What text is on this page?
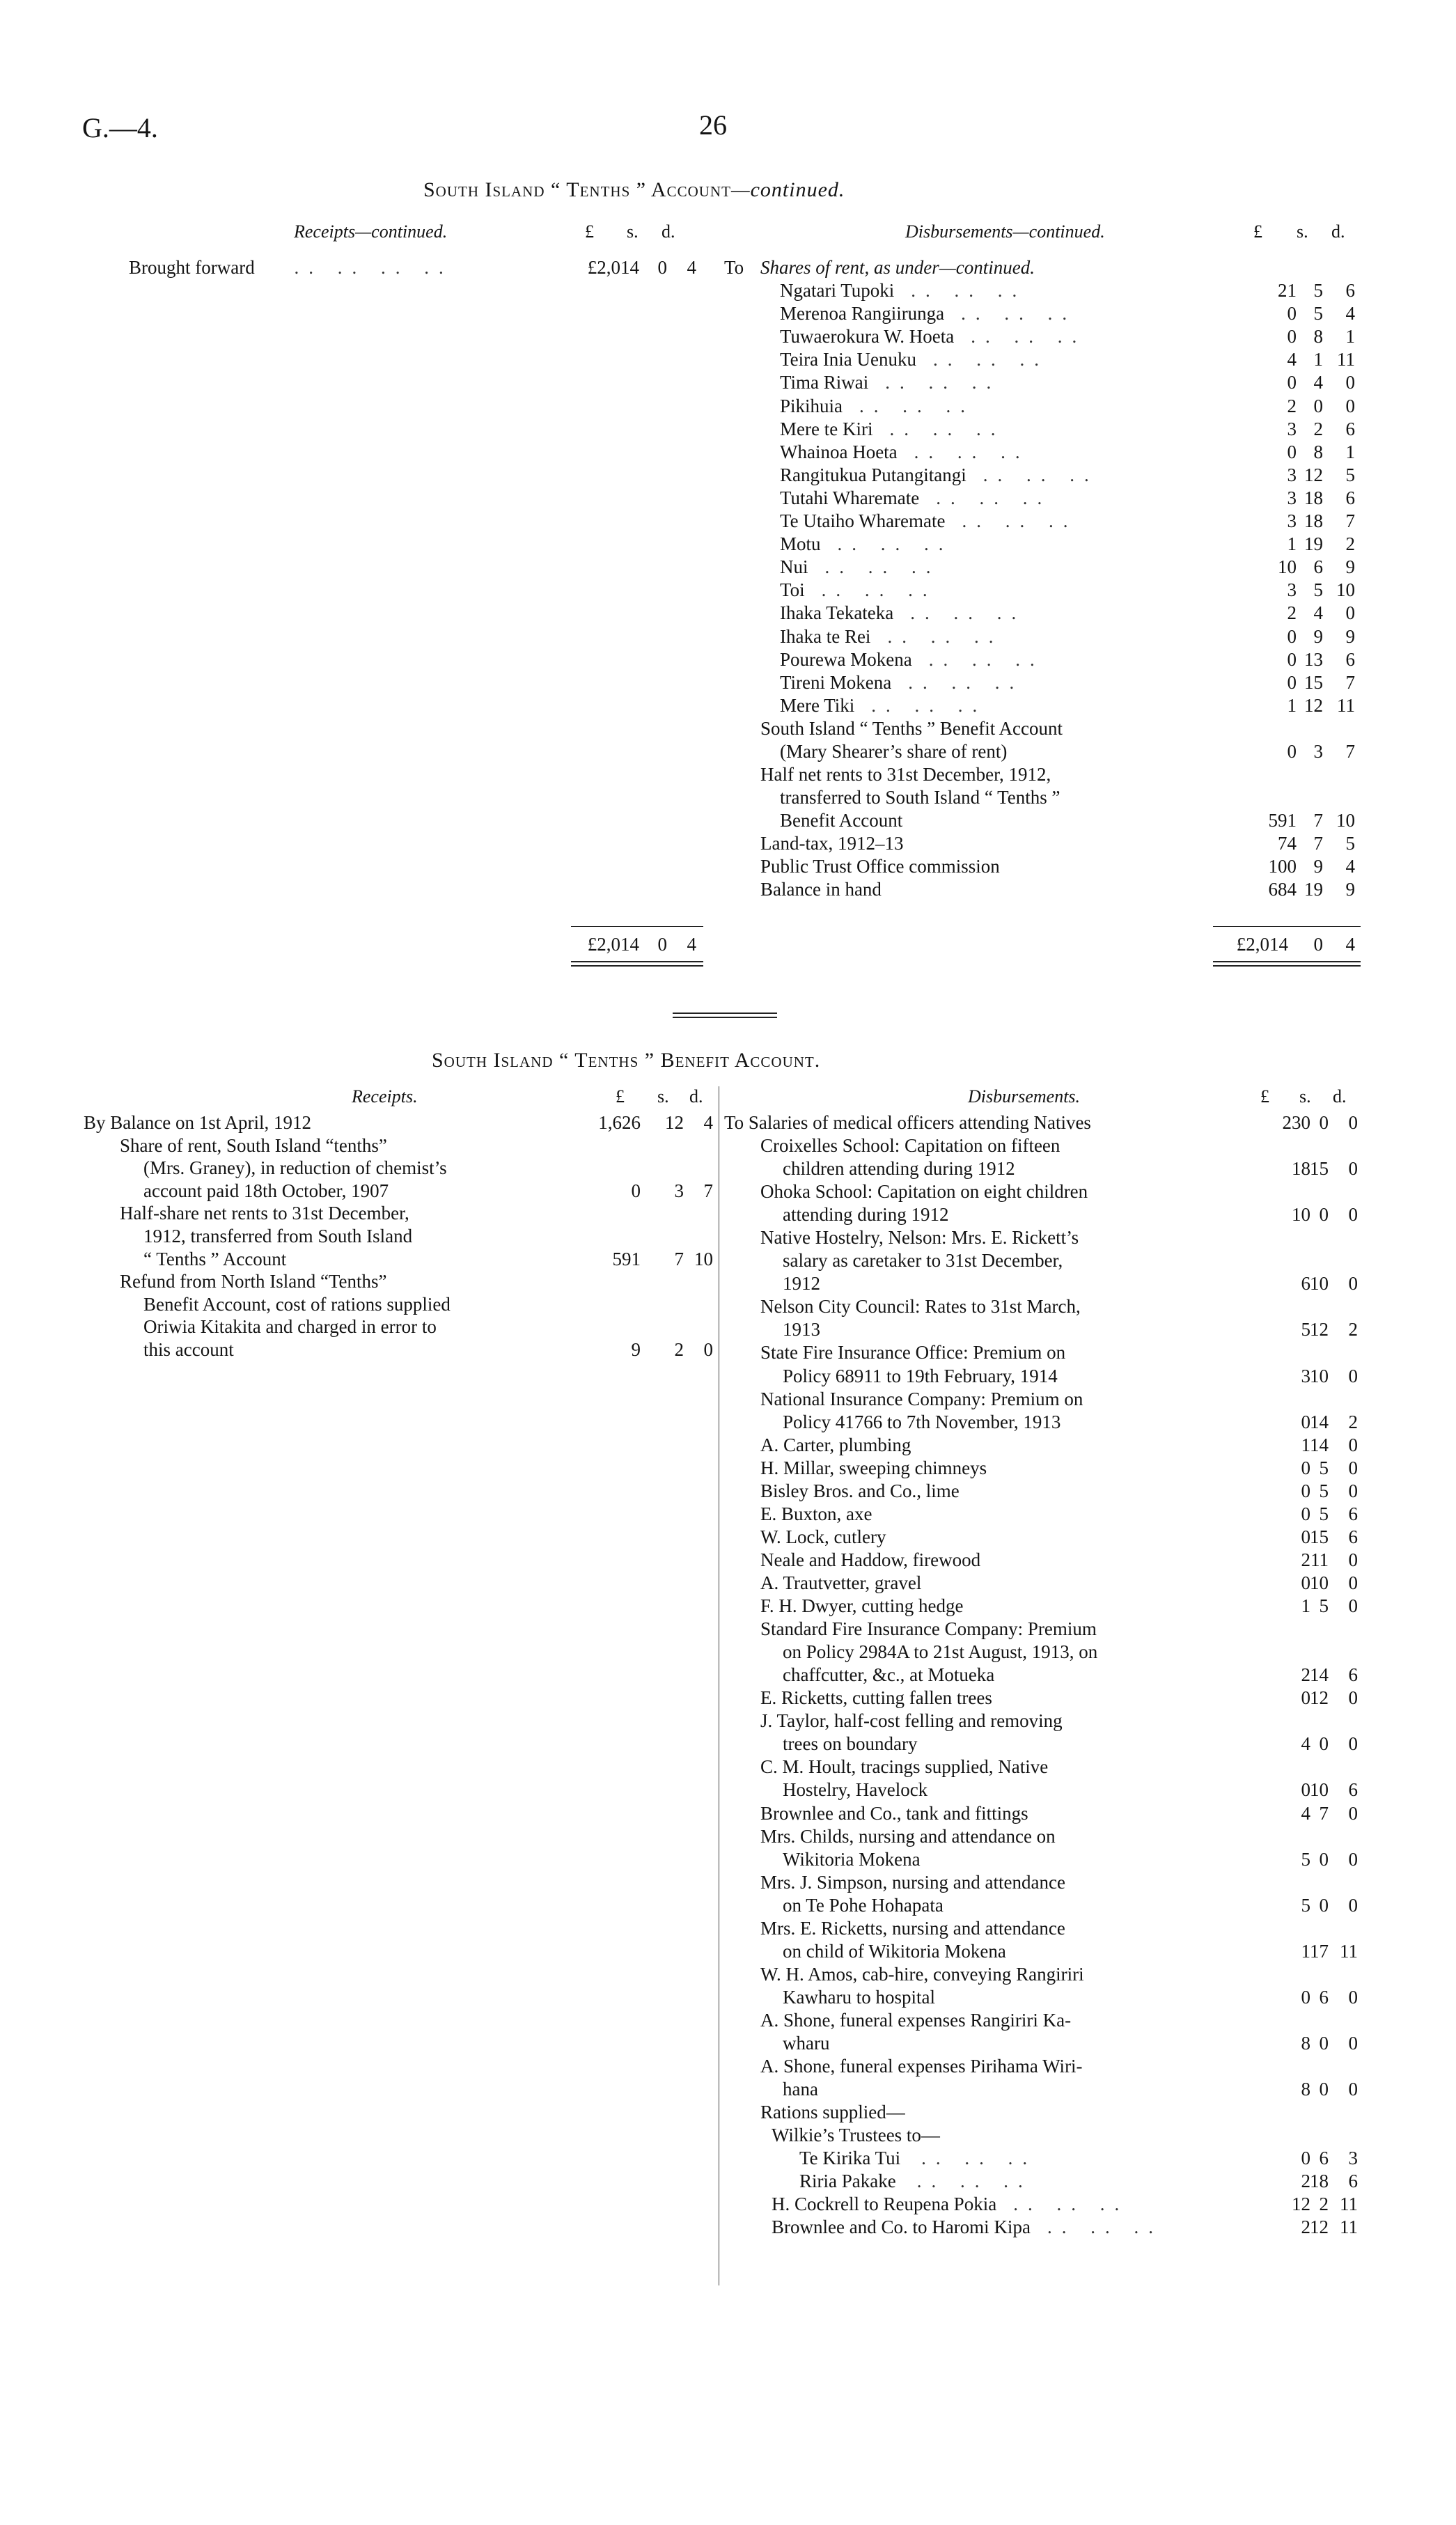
G.—4.	26
South Island “ Tenths ” Account—continued.
Receipts—continued.	£ s. d.	Disbursements—continued.	£ s. d.
Brought forward .. .. .. ..	£2,014 0	4 To Shares of rent, as under—continued.
Ngatari Tupoki .. .. ..	21 5	6
Merenoa Rangiirunga .. .. ..	0 5	4
Tuwaerokura W. Hoeta .. .. ..	0 8	1
Teira Inia Uenuku .. .. ..	4 1 11
Tima Riwai .. .. ..	0 4	0
Pikihuia .. .. ..	2 0	0
Mere te Kiri .. .. ..	3 2	6
Whainoa Hoeta .. .. ..	0 8	1
Rangitukua Putangitangi .. .. ..	3 12	5
Tutahi Wharemate .. .. ..	3 18	6
Te Utaiho Wharemate .. .. ..	3 18	7
Motu .. .. ..	1 19	2
Nui .. .. ..	10 6	9
Toi .. .. ..	3 5 10
Ihaka Tekateka .. .. ..	2 4	0
Ihaka te Rei .. .. ..	0 9	9
Pourewa Mokena .. .. ..	0 13	6
Tireni Mokena .. .. ..	0 15	7
Mere Tiki .. .. ..	1 12 11
South Island “ Tenths ” Benefit Account
(Mary Shearer’s share of rent)	0 3	7
Half net rents to 31st December, 1912,
transferred to South Island “ Tenths ”
Benefit Account	591 7 10
Land-tax, 1912–13	74 7	5
Public Trust Office commission	100 9	4
Balance in hand	684 19	9
£2,014 0	4	£2,014	0	4
South Island “ Tenths ” Benefit Account.
Receipts.	£ s. d.	Disbursements.	£ s. d.
By Balance on 1st April, 1912	1,626	12	4
Share of rent, South Island “tenths”
(Mrs. Graney), in reduction of chemist’s
account paid 18th October, 1907	0	3	7
Half-share net rents to 31st December,
1912, transferred from South Island
“ Tenths ” Account	591	7 10
Refund from North Island “Tenths”
Benefit Account, cost of rations supplied
Oriwia Kitakita and charged in error to
this account	9	2	0
To Salaries of medical officers attending Natives	230 0	0
Croixelles School: Capitation on fifteen
children attending during 1912	18 15	0
Ohoka School: Capitation on eight children
attending during 1912	10 0	0
Native Hostelry, Nelson: Mrs. E. Rickett’s
salary as caretaker to 31st December,
1912	6 10	0
Nelson City Council: Rates to 31st March,
1913	5 12	2
State Fire Insurance Office: Premium on
Policy 68911 to 19th February, 1914	3 10	0
National Insurance Company: Premium on
Policy 41766 to 7th November, 1913	0 14	2
A. Carter, plumbing	1 14	0
H. Millar, sweeping chimneys	0 5	0
Bisley Bros. and Co., lime	0 5	0
E. Buxton, axe	0 5	6
W. Lock, cutlery	0 15	6
Neale and Haddow, firewood	2 11	0
A. Trautvetter, gravel	0 10	0
F. H. Dwyer, cutting hedge	1 5	0
Standard Fire Insurance Company: Premium
on Policy 2984A to 21st August, 1913, on
chaffcutter, &c., at Motueka	2 14	6
E. Ricketts, cutting fallen trees	0 12	0
J. Taylor, half-cost felling and removing
trees on boundary	4 0	0
C. M. Hoult, tracings supplied, Native
Hostelry, Havelock	0 10	6
Brownlee and Co., tank and fittings	4 7	0
Mrs. Childs, nursing and attendance on
Wikitoria Mokena	5 0	0
Mrs. J. Simpson, nursing and attendance
on Te Pohe Hohapata	5 0	0
Mrs. E. Ricketts, nursing and attendance
on child of Wikitoria Mokena	1 17 11
W. H. Amos, cab-hire, conveying Rangiriri
Kawharu to hospital	0 6	0
A. Shone, funeral expenses Rangiriri Ka-
wharu	8 0	0
A. Shone, funeral expenses Pirihama Wiri-
hana	8 0	0
Rations supplied—
Wilkie’s Trustees to—
Te Kirika Tui .. .. ..	0 6	3
Riria Pakake .. .. ..	2 18	6
H. Cockrell to Reupena Pokia .. .. ..	12 2 11
Brownlee and Co. to Haromi Kipa .. .. ..	2 12 11
